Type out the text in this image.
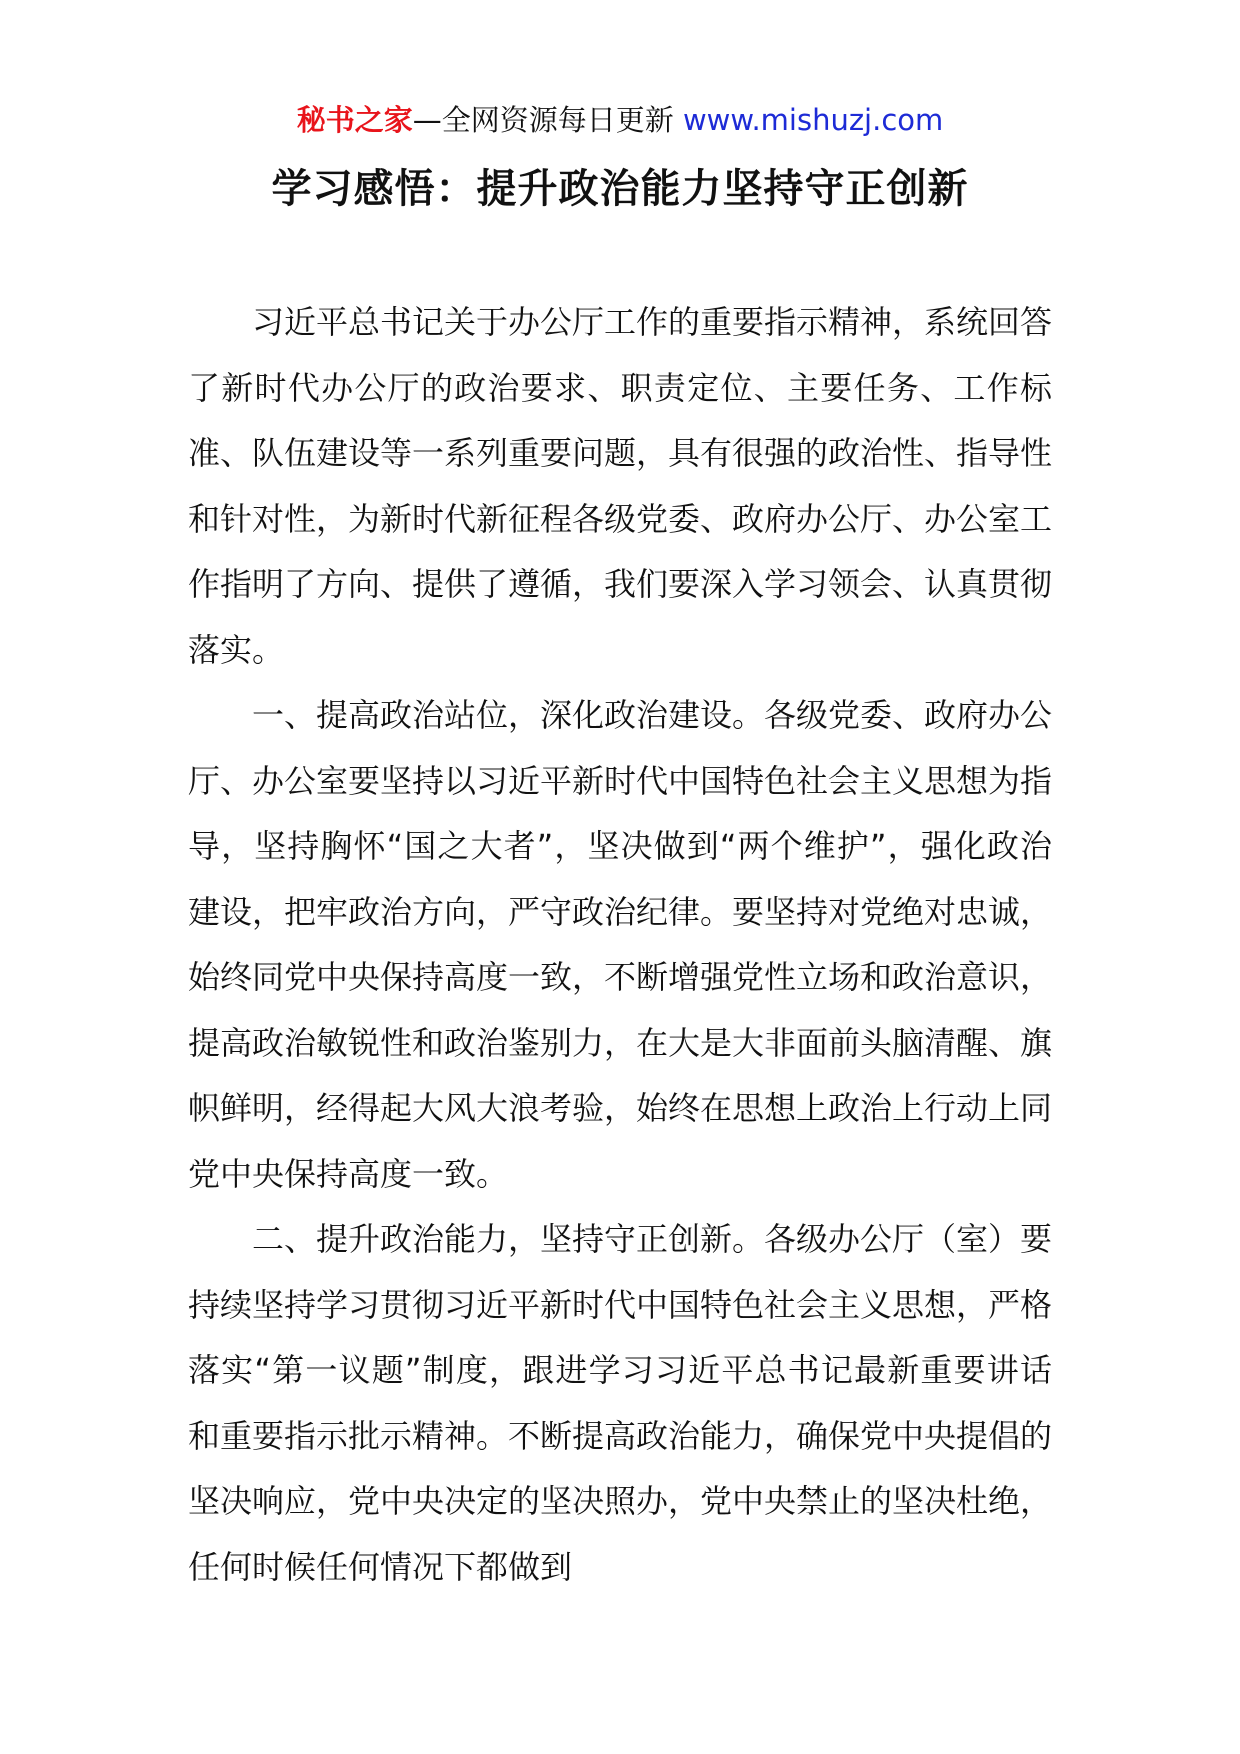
秘书之家—全网资源每日更新 www.mishuzj.com
学习感悟：提升政治能力坚持守正创新

习近平总书记关于办公厅工作的重要指示精神，系统回答了新时代办公厅的政治要求、职责定位、主要任务、工作标准、队伍建设等一系列重要问题，具有很强的政治性、指导性和针对性，为新时代新征程各级党委、政府办公厅、办公室工作指明了方向、提供了遵循，我们要深入学习领会、认真贯彻落实。

一、提高政治站位，深化政治建设。各级党委、政府办公厅、办公室要坚持以习近平新时代中国特色社会主义思想为指导，坚持胸怀“国之大者”，坚决做到“两个维护”，强化政治建设，把牢政治方向，严守政治纪律。要坚持对党绝对忠诚，始终同党中央保持高度一致，不断增强党性立场和政治意识，提高政治敏锐性和政治鉴别力，在大是大非面前头脑清醒、旗帜鲜明，经得起大风大浪考验，始终在思想上政治上行动上同党中央保持高度一致。

二、提升政治能力，坚持守正创新。各级办公厅（室）要持续坚持学习贯彻习近平新时代中国特色社会主义思想，严格落实“第一议题”制度，跟进学习习近平总书记最新重要讲话和重要指示批示精神。不断提高政治能力，确保党中央提倡的坚决响应，党中央决定的坚决照办，党中央禁止的坚决杜绝，任何时候任何情况下都做到
